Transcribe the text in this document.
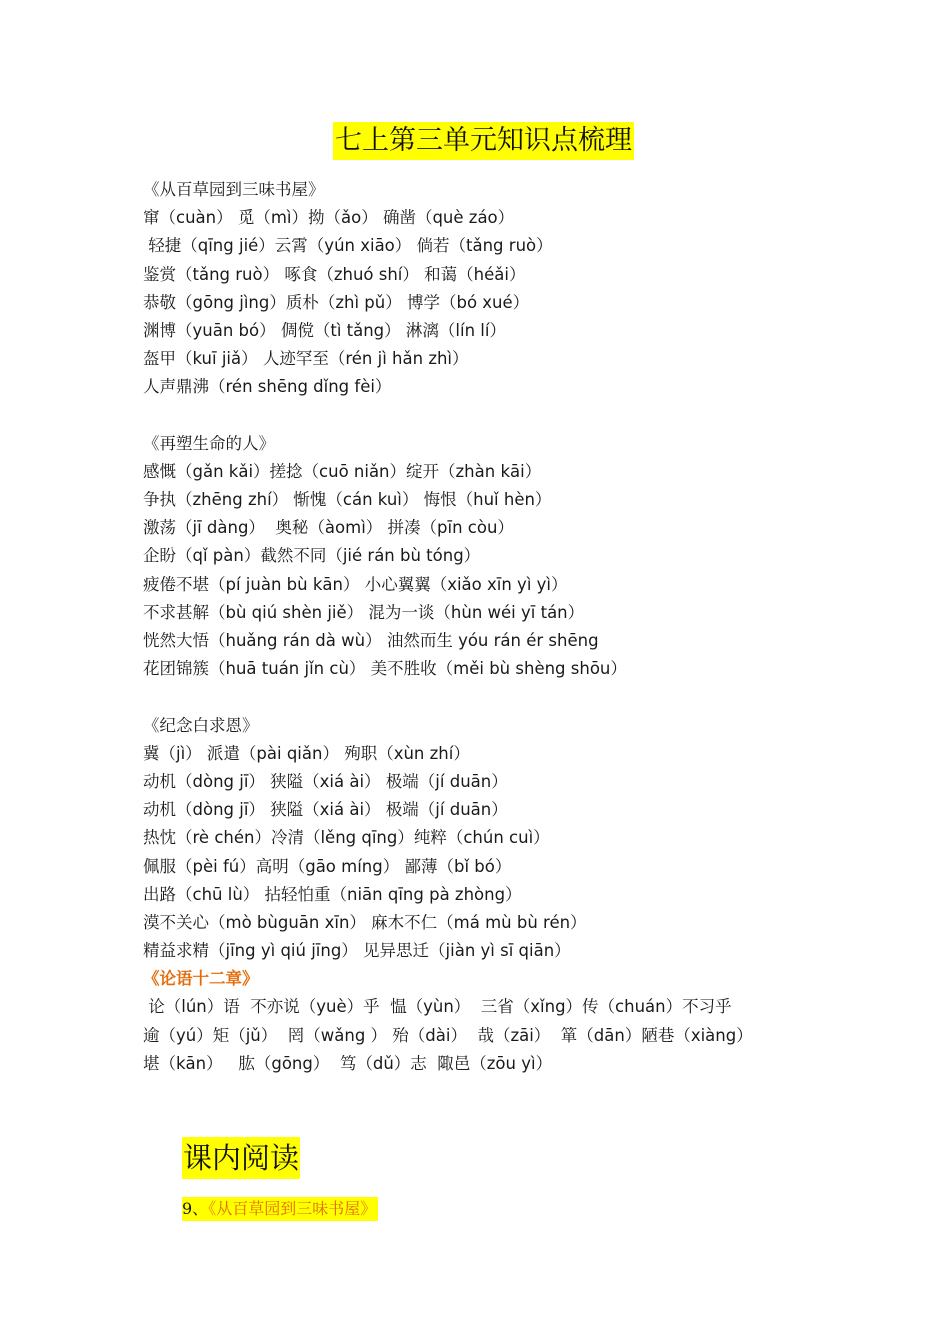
七上第三单元知识点梳理
《从百草园到三味书屋》
窜（cuàn） 觅（mì）拗（ǎo） 确凿（què záo）
轻捷（qīng jié）云霄（yún xiāo） 倘若（tǎng ruò）
鉴赏（tǎng ruò） 啄食（zhuó shí） 和蔼（héǎi）
恭敬（gōng jìng）质朴（zhì pǔ） 博学（bó xué）
渊博（yuān bó） 倜傥（tì tǎng） 淋漓（lín lí）
盔甲（kuī jiǎ） 人迹罕至（rén jì hǎn zhì）
人声鼎沸（rén shēng dǐng fèi）
《再塑生命的人》
感慨（gǎn kǎi）搓捻（cuō niǎn）绽开（zhàn kāi）
争执（zhēng zhí） 惭愧（cán kuì） 悔恨（huǐ hèn）
激荡（jī dàng）  奥秘（àomì） 拼凑（pīn còu）
企盼（qǐ pàn）截然不同（jié rán bù tóng）
疲倦不堪（pí juàn bù kān） 小心翼翼（xiǎo xīn yì yì）
不求甚解（bù qiú shèn jiě） 混为一谈（hùn wéi yī tán）
恍然大悟（huǎng rán dà wù） 油然而生 yóu rán ér shēng
花团锦簇（huā tuán jǐn cù） 美不胜收（měi bù shèng shōu）
《纪念白求恩》
冀（jì） 派遣（pài qiǎn） 殉职（xùn zhí）
动机（dòng jī） 狭隘（xiá ài） 极端（jí duān）
动机（dòng jī） 狭隘（xiá ài） 极端（jí duān）
热忱（rè chén）冷清（lěng qīng）纯粹（chún cuì）
佩服（pèi fú）高明（gāo míng） 鄙薄（bǐ bó）
出路（chū lù） 拈轻怕重（niān qīng pà zhòng）
漠不关心（mò bùguān xīn） 麻木不仁（má mù bù rén）
精益求精（jīng yì qiú jīng） 见异思迁（jiàn yì sī qiān）
《论语十二章》
论（lún）语  不亦说（yuè）乎  愠（yùn）  三省（xǐng）传（chuán）不习乎
逾（yú）矩（jǔ）  罔（wǎng ） 殆（dài）  哉（zāi）  箪（dān）陋巷（xiàng）
堪（kān）   肱（gōng）  笃（dǔ）志  陬邑（zōu yì）
课内阅读
9、《从百草园到三味书屋》
